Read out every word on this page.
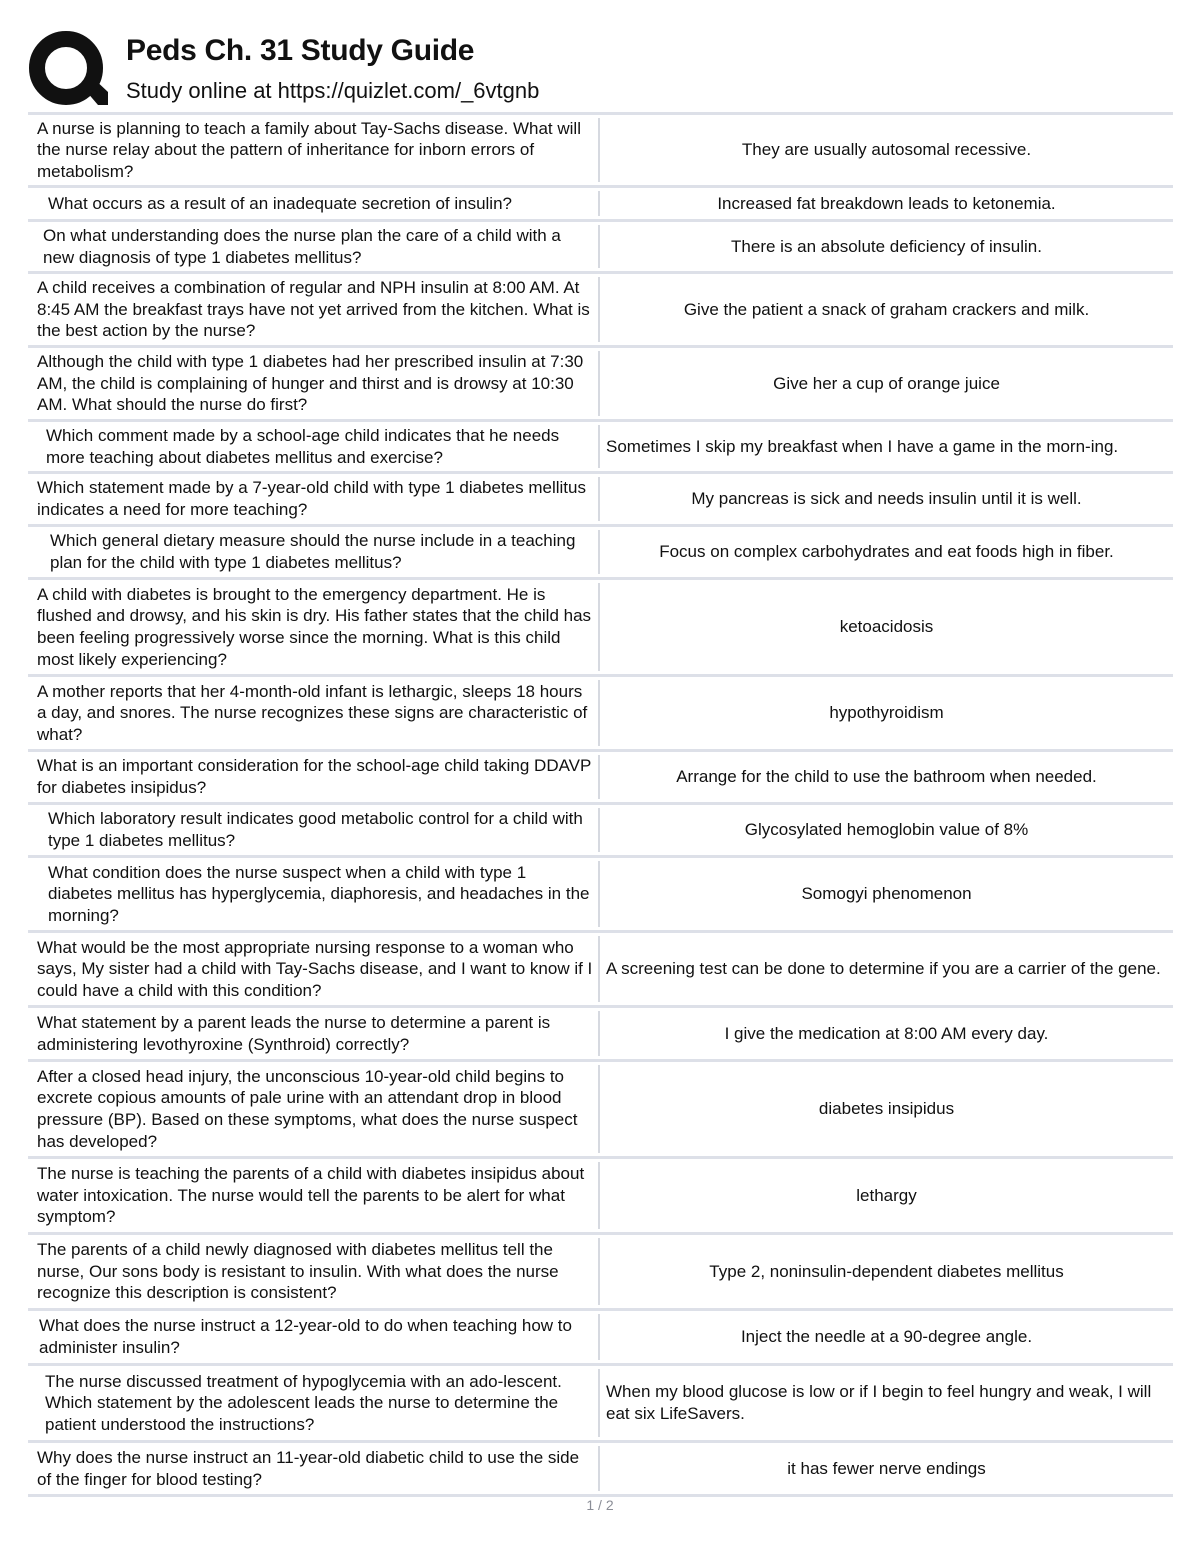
Peds Ch. 31 Study Guide
Study online at https://quizlet.com/_6vtgnb
A nurse is planning to teach a family about Tay-Sachs disease. What will the nurse relay about the pattern of inheritance for inborn errors of metabolism?
They are usually autosomal recessive.
What occurs as a result of an inadequate secretion of insulin?	Increased fat breakdown leads to ketonemia.
On what understanding does the nurse plan the care of a child with a new diagnosis of type 1 diabetes mellitus?
There is an absolute deficiency of insulin.
A child receives a combination of regular and NPH insulin at 8:00 AM. At 8:45 AM the breakfast trays have not yet arrived from the kitchen. What is the best action by the nurse?
Give the patient a snack of graham crackers and milk.
Although the child with type 1 diabetes had her prescribed insulin at 7:30 AM, the child is complaining of hunger and thirst and is drowsy at 10:30 AM. What should the nurse do first?
Give her a cup of orange juice
Which comment made by a school-age child indicates that he needs more teaching about diabetes mellitus and exercise?
Sometimes I skip my breakfast when I have a game in the morn-ing.
Which statement made by a 7-year-old child with type 1 diabetes mellitus indicates a need for more teaching?
My pancreas is sick and needs insulin until it is well.
Which general dietary measure should the nurse include in a teaching plan for the child with type 1 diabetes mellitus?
Focus on complex carbohydrates and eat foods high in fiber.
A child with diabetes is brought to the emergency department. He is flushed and drowsy, and his skin is dry. His father states that the child has been feeling progressively worse since the morning. What is this child most likely experiencing?
ketoacidosis
A mother reports that her 4-month-old infant is lethargic, sleeps 18 hours a day, and snores. The nurse recognizes these signs are characteristic of what?
hypothyroidism
What is an important consideration for the school-age child taking DDAVP for diabetes insipidus?
Arrange for the child to use the bathroom when needed.
Which laboratory result indicates good metabolic control for a child with type 1 diabetes mellitus?
Glycosylated hemoglobin value of 8%
What condition does the nurse suspect when a child with type 1 diabetes mellitus has hyperglycemia, diaphoresis, and headaches in the morning?
Somogyi phenomenon
What would be the most appropriate nursing response to a woman who says, My sister had a child with Tay-Sachs disease, and I want to know if I could have a child with this condition?
A screening test can be done to determine if you are a carrier of the gene.
What statement by a parent leads the nurse to determine a parent is administering levothyroxine (Synthroid) correctly?
I give the medication at 8:00 AM every day.
After a closed head injury, the unconscious 10-year-old child begins to excrete copious amounts of pale urine with an attendant drop in blood pressure (BP). Based on these symptoms, what does the nurse suspect has developed?
diabetes insipidus
The nurse is teaching the parents of a child with diabetes insipidus about water intoxication. The nurse would tell the parents to be alert for what symptom?
lethargy
The parents of a child newly diagnosed with diabetes mellitus tell the nurse, Our sons body is resistant to insulin. With what does the nurse recognize this description is consistent?
Type 2, noninsulin-dependent diabetes mellitus
What does the nurse instruct a 12-year-old to do when teaching how to administer insulin?
Inject the needle at a 90-degree angle.
The nurse discussed treatment of hypoglycemia with an ado-lescent. Which statement by the adolescent leads the nurse to determine the patient understood the instructions?
When my blood glucose is low or if I begin to feel hungry and weak, I will eat six LifeSavers.
Why does the nurse instruct an 11-year-old diabetic child to use the side of the finger for blood testing?
it has fewer nerve endings
1 / 2
